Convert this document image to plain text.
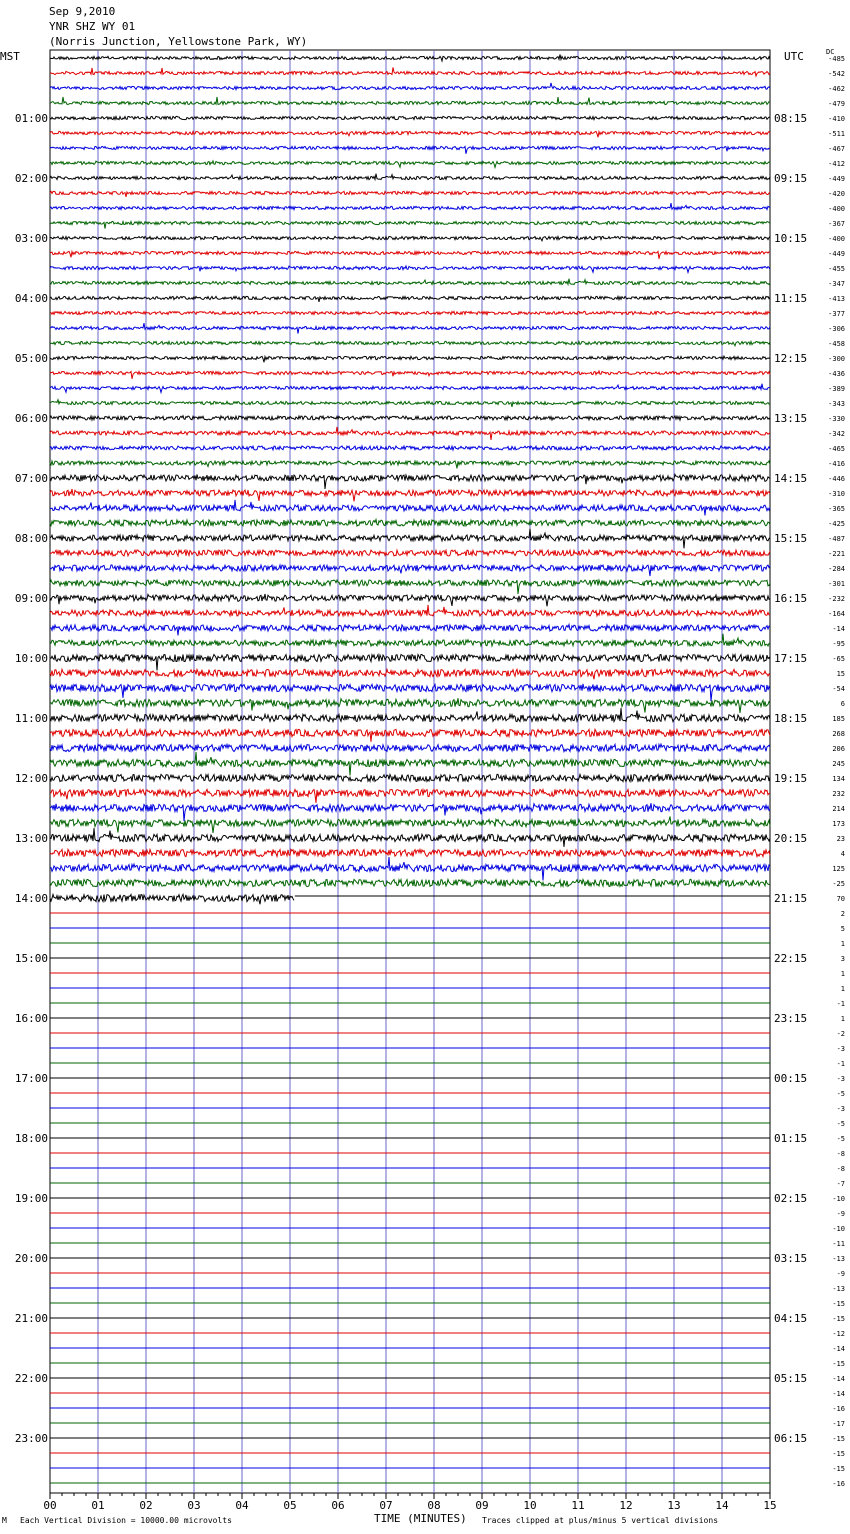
Sep 9,2010
YNR SHZ WY 01
(Norris Junction, Yellowstone Park, WY)
MST	UTC	DC
00	01	02	03	04	05	06	07	08	09	10	11	12	13	14	15
-485
-542
-462
-479
-410
-511
-467
-412
-449
-420
-400
-367
-400
-449
-455
-347
-413
-377
-306
-458
-300
-436
-389
-343
-330
-342
-465
-416
-446
-310
-365
-425
-487
-221
-284
-301
-232
-164
-14
-95
-65
15
-54
6
185
268
206
245
134
232
214
173
23
4
125
-25
70
2
5
1
3
1
1
-1
1
-2
-3
-1
-3
-5
-3
-5
-5
-8
-8
-7
-10
-9
-10
-11
-13
-9
-13
-15
-15
-12
-14
-15
-14
-14
-16
-17
-15
-15
-15
-16
01:00
02:00
03:00
04:00
05:00
06:00
07:00
08:00
09:00
10:00
11:00
12:00
13:00
14:00
15:00
16:00
17:00
18:00
19:00
20:00
21:00
22:00
23:00
08:15
09:15
10:15
11:15
12:15
13:15
14:15
15:15
16:15
17:15
18:15
19:15
20:15
21:15
22:15
23:15
00:15
01:15
02:15
03:15
04:15
05:15
06:15
M Each Vertical Division = 10000.00 microvolts	TIME (MINUTES) Traces clipped at plus/minus 5 vertical divisions
